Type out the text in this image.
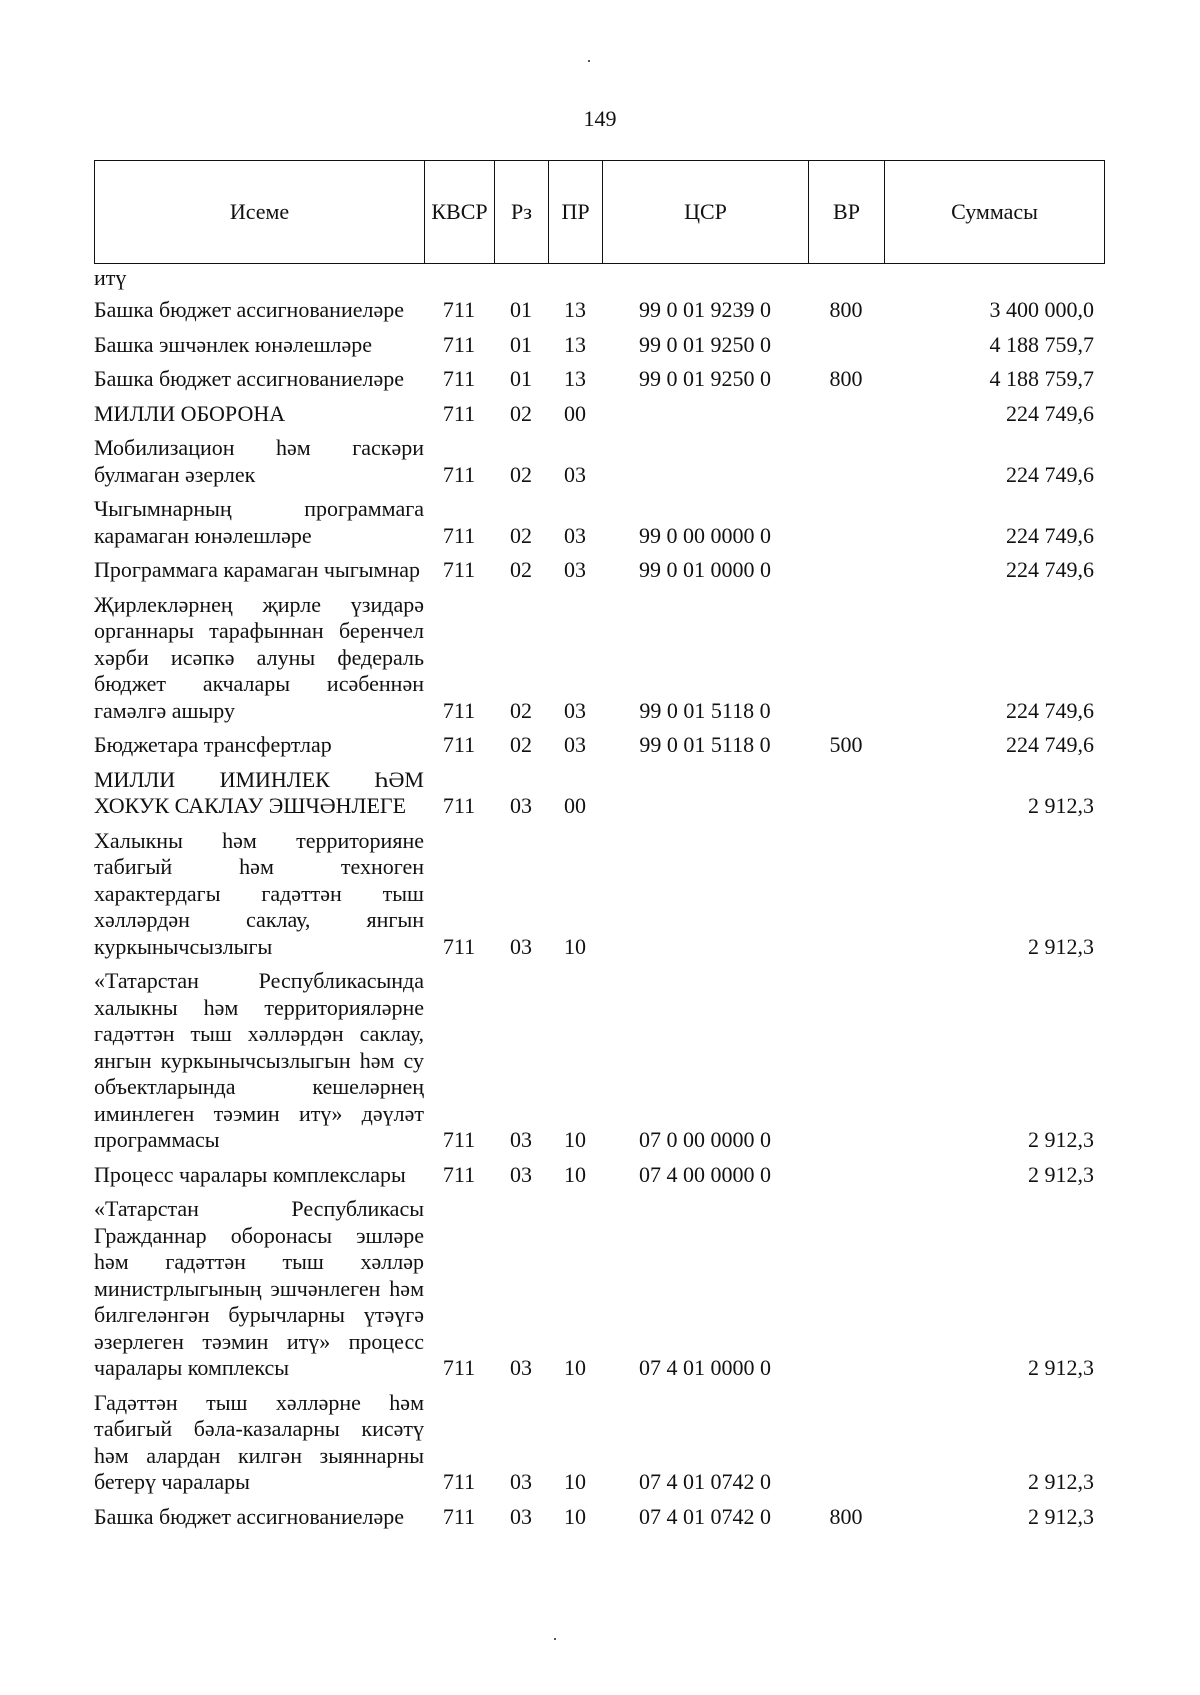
149
Исеме	КВСР	Рз	ПР	ЦСР	ВР	Суммасы
итү
Башка бюджет ассигнованиеләре	711	01	13	99 0 01 9239 0	800	3 400 000,0
Башка эшчәнлек юнәлешләре	711	01	13	99 0 01 9250 0		4 188 759,7
Башка бюджет ассигнованиеләре	711	01	13	99 0 01 9250 0	800	4 188 759,7
МИЛЛИ ОБОРОНА	711	02	00			224 749,6
Мобилизацион һәм гаскәри булмаган әзерлек	711	02	03			224 749,6
Чыгымнарның программага карамаган юнәлешләре	711	02	03	99 0 00 0000 0		224 749,6
Программага карамаган чыгымнар	711	02	03	99 0 01 0000 0		224 749,6
Җирлекләрнең җирле үзидарә органнары тарафыннан беренчел хәрби исәпкә алуны федераль бюджет акчалары исәбеннән гамәлгә ашыру	711	02	03	99 0 01 5118 0		224 749,6
Бюджетара трансфертлар	711	02	03	99 0 01 5118 0	500	224 749,6
МИЛЛИ ИМИНЛЕК ҺӘМ ХОКУК САКЛАУ ЭШЧӘНЛЕГЕ	711	03	00			2 912,3
Халыкны һәм территорияне табигый һәм техноген характердагы гадәттән тыш хәлләрдән саклау, янгын куркынычсызлыгы	711	03	10			2 912,3
«Татарстан Республикасында халыкны һәм территорияләрне гадәттән тыш хәлләрдән саклау, янгын куркынычсызлыгын һәм су объектларында кешеләрнең иминлеген тәэмин итү» дәүләт программасы	711	03	10	07 0 00 0000 0		2 912,3
Процесс чаралары комплекслары	711	03	10	07 4 00 0000 0		2 912,3
«Татарстан Республикасы Гражданнар оборонасы эшләре һәм гадәттән тыш хәлләр министрлыгының эшчәнлеген һәм билгеләнгән бурычларны үтәүгә әзерлеген тәэмин итү» процесс чаралары комплексы	711	03	10	07 4 01 0000 0		2 912,3
Гадәттән тыш хәлләрне һәм табигый бәла-казаларны кисәтү һәм алардан килгән зыяннарны бетерү чаралары	711	03	10	07 4 01 0742 0		2 912,3
Башка бюджет ассигнованиеләре	711	03	10	07 4 01 0742 0	800	2 912,3
